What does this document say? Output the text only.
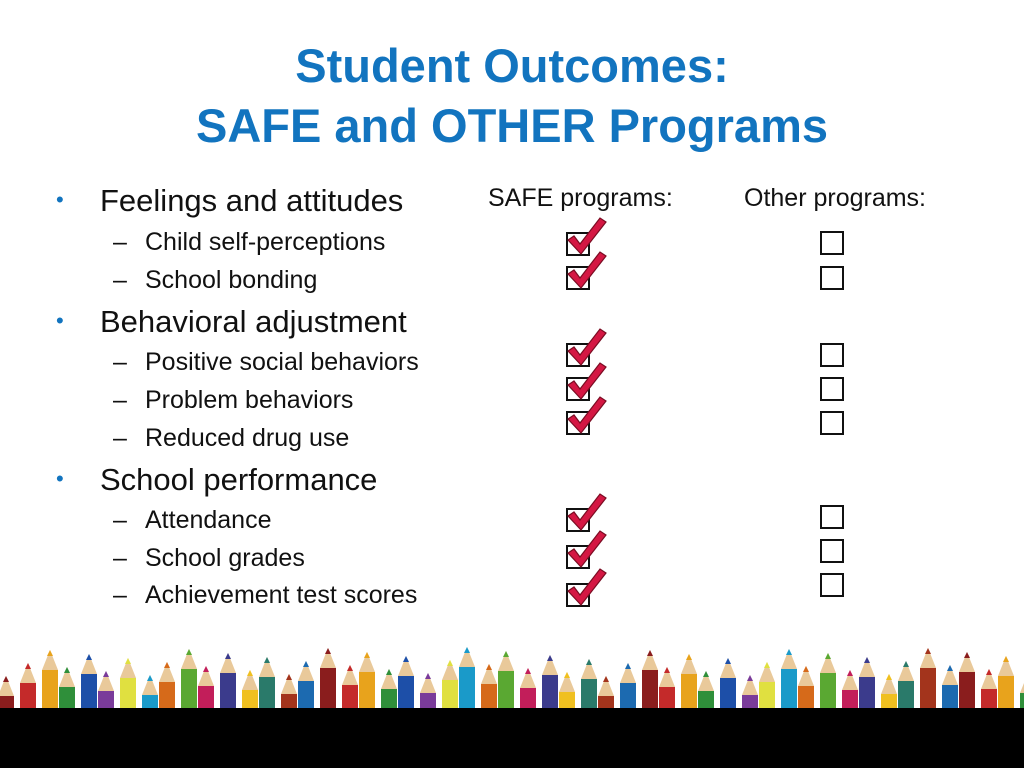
Student Outcomes:
SAFE and OTHER Programs
• Feelings and attitudes
– Child self-perceptions
– School bonding
• Behavioral adjustment
– Positive social behaviors
– Problem behaviors
– Reduced drug use
• School performance
– Attendance
– School grades
– Achievement test scores
SAFE programs:	Other programs:
